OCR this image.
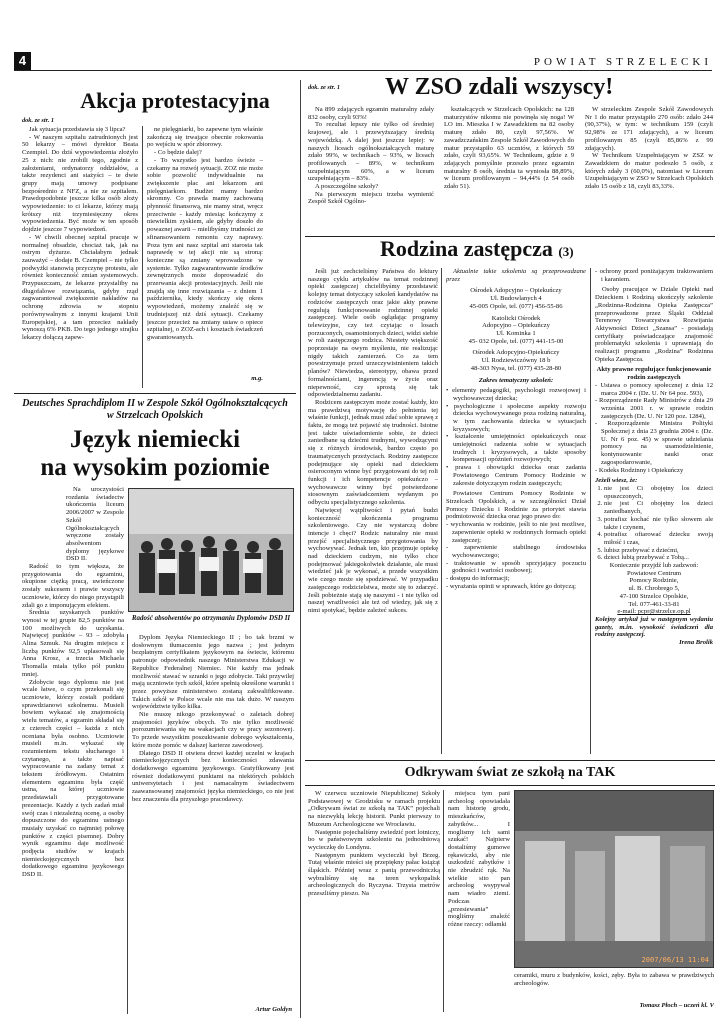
4	POWIAT STRZELECKI
Akcja protestacyjna
dok. ze str. 1

Jak sytuacja przedstawia się 3 lipca?

- W naszym szpitalu zatrudnionych jest 50 lekarzy – mówi dyrektor Beata Czempiel. Do dziś wypowiedzenia złożyło 25 z nich: nie zrobili tego, zgodnie z założeniami, ordynatorzy oddziałów, a także rezydenci ani stażyści – te dwie grupy mają umowy podpisane bezpośrednio z NFZ, a nie ze szpitalem. Prawdopodobnie jeszcze kilka osób złoży wypowiedzenie: to ci lekarze, którzy mają krótszy niż trzymiesięczny okres wypowiedzenia. Być może w ten sposób dojdzie jeszcze 7 wypowiedzeń.

- W chwili obecnej szpital pracuje w normalnej obsadzie, chociaż tak, jak na ostrym dyżurze. Chciałabym jednak zauważyć – dodaje B. Czempiel – nie tylko podwyżki stanowią przyczynę protestu, ale również konieczność zmian systemowych. Przypuszczam, że lekarze przystaliby na długofalowe rozwiązania, gdyby rząd zagwarantował zwiększenie nakładów na ochronę zdrowia w stopniu porównywalnym z innymi krajami Unii Europejskiej, a tam przeciez nakłady wynoszą 6% PKB. Do tego jednego strajku lekarzy dołączą zapew-

ne pielęgniarki, bo zapewne tym właśnie zakończą się trwające obecnie rokowania po wejściu w spór zbiorowy.

- Co będzie dalej?

- To wszystko jest bardzo świeże – czekamy na rozwój sytuacji. ZOZ nie może sobie pozwolić indywidualnie na zwiększenie płac ani lekarzom ani pielęgniarkom. Budżet mamy bardzo skromny. Co prawda mamy zachowaną płynność finansową, nie mamy strat, wręcz przeciwnie - każdy miesiąc kończymy z niewielkim zyskiem, ale gdyby doszło do powaznej awarii – mielibyśmy trudności ze sfinansowaniem remontu czy naprawy. Poza tym ani nasz szpital ani starosta tak naprawdę w tej akcji nie są stroną: konieczne są zmiany wprowadzone w systemie. Tylko zagwarantowanie środków zewnętrznych może doprowadzić do przerwania akcji protestacyjnych. Jeśli nie znajdą się inne rozwiązania – z dniem 1 października, kiedy skończy się okres wypowiedzeń, możemy znaleźć się w trudniejszej niż dziś sytuacji. Czekamy jeszcze przecież na zmiany ustaw o opiece szpitalnej, o ZOZ-ach i kosztach świadczeń gwarantowanych.

m.g.
dok. ze str. 1	W ZSO zdali wszyscy!

Na 899 zdających egzamin maturalny zdały 832 osoby, czyli 93%!

To rezultat lepszy nie tylko od średniej krajowej, ale i przewyższający średnią wojewódzką. A dalej jest jeszcze lepiej: w naszych liceach ogólnokształcących maturę zdało 99%, w technikach – 93%, w liceach profilowanych – 89%, w technikum uzupełniającym 60%, a w liceum uzupełniającym – 83%.

A poszczególne szkoły?

Na pierwszym miejscu trzeba wymienić Zespół Szkół Ogólno-

kształcących w Strzelcach Opolskich: na 128 maturzystów nikomu nie powinęła się noga! W LO im. Mieszka I w Zawadzkiem na 82 osoby maturę zdało 80, czyli 97,56%. W zawadzczańskim Zespole Szkół Zawodowych do matur przystąpiło 63 uczniów, z których 59 zdało, czyli 93,65%. W Technikum, gdzie z 9 zdających pomyślnie przeszło przez egzamin maturalny 8 osób, średnia ta wyniosła 88,89%, w liceum profilowanym – 94,44% (z 54 osób zdało 51).

W strzeleckim Zespole Szkół Zawodowych Nr 1 do matur przystąpiło 270 osób: zdało 244 (90,37%), w tym: w technikum 159 (czyli 92,98% ze 171 zdających), a w liceum profilowanym 85 (czyli 85,86% z 99 zdających).

W Technikum Uzupełniającym w ZSZ w Zawadzkiem do matur podeszło 5 osób, z których zdały 3 (60,0%), natomiast w Liceum Uzupełniającym w ZSO w Strzelcach Opolskich zdało 15 osób z 18, czyli 83,33%.

Rodzina zastępcza (3)

Jeśli już zechcieliśmy Państwa do lektury naszego cyklu artykułów na temat rodzinnej opieki zastępczej chcielibyśmy przedstawić kolejny temat dotyczący szkoleń kandydatów na rodziców zastępczych oraz jakie akty prawne regulują funkcjonowanie rodzinnej opieki zastępczej. Wiele osób oglądając programy telewizyjne, czy też czytając o losach porzuconych, osamotnionych dzieci, widzi siebie w roli zastępczego rodzica. Niestety większość poprzestaje na owym myśleniu, nie realizując nigdy takich zamierzeń. Co za tem powstrzymuje przed urzeczywistnieniem takich planów? Niewiedza, stereotypy, obawa przed formalnościami, ingerencją w życie oraz niepewność, czy sprostą się tak odpowiedzialnemu zadaniu.

Rodzicem zastępczym może zostać każdy, kto ma prawdziwą motywację do pełnienia tej właśnie funkcji, jednak musi zdać sobie sprawę z faktu, że mogą też pojawić się trudności. Istotne jest także uświadomienie sobie, że dzieci zaniedbane są dziećmi trudnymi, wywodzącymi się z różnych środowisk, bardzo często po traumatycznych przeżyciach. Rodziny zastępcze podejmujące się opieki nad dzieckiem osieroconym winne być przygotowani do tej roli funkcji i ich kompetencje opiekuńczo – wychowawcze winny być potwierdzone stosownym zaświadczeniem wydanym po odbyciu specjalistycznego szkolenia.

Najwięcej wątpliwości i pytań budzi konieczność ukończenia programu szkoleniowego. Czy nie wystarczą dobre intencje i chęci? Rodzic naturalny nie musi przejść specjalistycznego przygotowania by wychowywać. Jednak ten, kto przejmuje opiekę nad dzieckiem cudzym, nie tylko chce podejmować jakiegokolwiek działanie, ale musi wiedzieć jak je wykonać, a przede wszystkim wie czego może się spodziewać. W przypadku zastępczego rodzicielstwa, może się to zdarzyć. Jeśli pobieżnie stają się naszymi - i nie tylko od naszej wrażliwości ale też od wiedzy, jak się z nimi spotykać, będzie zależeć sukces.

Aktualnie takie szkolenia są przeprowadzane przez

Ośrodek Adopcyjno – Opiekuńczy
Ul. Budowlanych 4
45-005 Opole, tel. (077) 456-55-86
Katolicki Ośrodek
Adopcyjno – Opiekuńczy
Ul. Kominka 1
45- 032 Opole, tel. (077) 441-15-00
Ośrodek Adopcyjno-Opiekuńczy
Ul. Rodziewiczówny 18 b
48-303 Nysa, tel. (077) 435-28-80
Zakres tematyczny szkoleń:
• elementy pedagogiki, psychologii rozwojowej i wychowawczej dziecka;
• psychologiczne i społeczne aspekty rozwoju dziecka wychowywanego poza rodziną naturalną, w tym zachowania dziecka w sytuacjach kryzysowych;
• kształcenie umiejętności opiekuńczych oraz umiejętności radzenia sobie w sytuacjach trudnych i kryzysowych, a także sposoby kompensacji opóźnień rozwojowych;
• prawa i obowiązki dziecka oraz zadania Powiatowego Centrum Pomocy Rodzinie w zakresie dotyczącym rodzin zastępczych;

Powiatowe Centrum Pomocy Rodzinie w Strzelcach Opolskich, a w szczególności Dział Pomocy Dziecku i Rodzinie za priorytet stawia podmiotowość dziecka oraz jego prawo do:

- wychowania w rodzinie, jeśli to nie jest możliwe, zapewnienie opieki w rodzinnych formach opieki zastępczej;
- zapewnienie stabilnego środowiska wychowawczego;
- traktowanie w sposób sprzyjający poczuciu godności i wartości osobowej;
- dostępu do informacji;
- wyrażania opinii w sprawach, które go dotyczą;
- ochrony przed poniżającym traktowaniem i karaniem.

Osoby pracujące w Dziale Opieki nad Dzieckiem i Rodziną ukończyły szkolenie „Rodzinna-Rodzinna Opieka Zastępcza” przeprowadzone przez Śląski Oddział Terenowy Towarzystwa Rozwijania Aktywności Dzieci „Szansa” - posiadają certyfikaty poświadczające znajomość problematyki szkolenia i uprawniają do realizacji programu „Rodzina” Rodzinna Opieka Zastępcza.

Akty prawne regulujące funkcjonowanie rodzin zastępczych
- Ustawa o pomocy społecznej z dnia 12 marca 2004 r. (Dz. U. Nr 64 poz. 593),
- Rozporządzenie Rady Ministrów z dnia 29 września 2001 r. w sprawie rodzin zastępczych (Dz. U. Nr 120 poz. 1284),
- Rozporządzenie Ministra Polityki Społecznej z dnia 23 grudnia 2004 r. (Dz. U. Nr 6 poz. 45) w sprawie udzielania pomocy na usamodzielnienie, kontynuowanie nauki oraz zagospodarowanie,
- Kodeks Rodzinny i Opiekuńczy
Jeżeli wiesz, że:
1. nie jest Ci obojętny los dzieci opuszczonych,
2. nie jest Ci obojętny los dzieci zaniedbanych,
3. potrafisz kochać nie tylko słowem ale także i czynem,
4. potrafisz ofiarować dziecku swoją miłość i czas,
5. lubisz przebywać z dziećmi,
6. dzieci lubią przebywać z Tobą...
Koniecznie przyjdź lub zadzwoń:
Powiatowe Centrum
Pomocy Rodzinie,
ul. B. Chrobrego 5,
47-100 Strzelce Opolskie,
Tel. 077-461-33-81
e-mail: pcpr@strzelce.op.pl

Kolejny artykuł już w następnym wydaniu gazety, m.in. wysokość świadczeń dla rodziny zastępczej.

Irena Brolik
Deutsches Sprachdiplom II w Zespole Szkół Ogólnokształcących w Strzelcach Opolskich
Język niemiecki
na wysokim poziomie

Na uroczystości rozdania świadectw ukończenia liceum 2006/2007 w Zespole Szkół Ogólnokształcących wręczone zostały absolwentom dyplomy językowe DSD II.

Radość to tym większa, że przygotowania do egzaminu, okupione ciężką pracą, uwieńczone zostały sukcesem i prawie wszyscy uczniowie, którzy do niego przystąpili zdali go z imponującym efektem.

Średnia uzyskanych punktów wynosi w tej grupie 82,5 punktów na 100 możliwych do uzyskania. Najwięcej punktów – 93 – zdobyła Alina Szmuk. Na drugim miejscu z liczbą punktów 92,5 uplasowali się Anna Krosz, a trzecia Michaela Thomalla miała tylko pół punktu mniej.

Zdobycie tego dyplomu nie jest wcale łatwe, o czym przekonali się uczniowie, którzy zostali poddani sprawdzianowi szkolnemu. Musieli bowiem wykazać się znajomością wielu tematów, a egzamin składał się z czterech części – każda z nich oceniana była osobno. Uczniowie musieli m.in. wykazać się rozumieniem tekstu słuchanego i czytanego, a także napisać wypracowanie na zadany temat z tekstem źródłowym. Ostatnim elementem egzaminu była część ustna, na której uczniowie przedstawiali przygotowane prezentacje. Każdy z tych zadań miał swój czas i niezależną ocenę, a osoby dopuszczone do egzaminu ustnego musiały uzyskać co najmniej połowę punktów z części pisemnej. Dobry wynik egzaminu daje możliwość podjęcia studiów w krajach niemieckojęzycznych bez dodatkowego egzaminu językowego DSD II.

Radość absolwentów po otrzymaniu Dyplomów DSD II

Dyplom Języka Niemieckiego II ; bo tak brzmi w dosłownym tłumaczeniu jego nazwa ; jest jednym bezpłatnym certyfikatem językowym na świecie, któremu patronuje odpowiednik naszego Ministerstwa Edukacji w Republice Federalnej Niemiec. Nie każdy ma jednak możliwość stawać w szranki o jego zdobycie. Taki przywilej mają uczniowie tych szkół, które spełnią określone warunki i przez powyższe ministerstwo zostaną zakwalifikowane. Takich szkół w Polsce wcale nie ma tak dużo. W naszym województwie tylko kilka.

Nie muszę nikogo przekonywać o zaletach dobrej znajomości języków obcych. To nie tylko możliwość porozumiewania się na wakacjach czy w pracy sezonowej. To przede wszystkim poszukiwanie dobrego wykształcenia, które może pomóc w dalszej karierze zawodowej.

Dlatego DSD II otwiera drzwi każdej uczelni w krajach niemieckojęzycznych bez konieczności zdawania dodatkowego egzaminu językowego. Gratyfikowany jest również dodatkowymi punktami na niektórych polskich uniwersytetach i jest namacalnym świadectwem zaawansowanej znajomości języka niemieckiego, co nie jest bez znaczenia dla przyszłego pracodawcy.

Artur Goldyn
Odkrywam świat ze szkołą na TAK

W czerwcu uczniowie Niepublicznej Szkoły Podstawowej w Grodzisku w ramach projektu „Odkrywam świat ze szkołą na TAK” pojechali na niezwykłą lekcję historii. Punkt pierwszy to Muzeum Archeologiczne we Wrocławiu.

Następnie pojechaliśmy zwiedzić port lotniczy, bo w państwowym szkoleniu na jednodniową wycieczkę do Londynu.

Następnym punktem wycieczki był Brzeg. Tutaj właśnie mieści się przepiękny pałac książąt śląskich. Później wraz z panią przewodniczką wybraliśmy się na teren wykopalisk archeologicznych do Ryczyna. Trzysta metrów przeszliśmy pieszo. Na

miejscu tym pani archeolog opowiadała nam historię grodu, mieszkańców, zabytków... I moglismy ich sami szukać! Najpierw dostaliśmy gumowe rękawiczki, aby nie uszkodzić zabytków i nie zbrudzić rąk. Na wielkie sito pan archeolog wsypywał nam wiadro ziemi. Podczas „przesiewania” mogliśmy znaleźć różne rzeczy: odłamki

2007/06/13 11:04

ceramiki, muru z budynków, kości, zęby. Była to zabawa w prawdziwych archeologów.

Tomasz Płoch – uczeń kl. V
